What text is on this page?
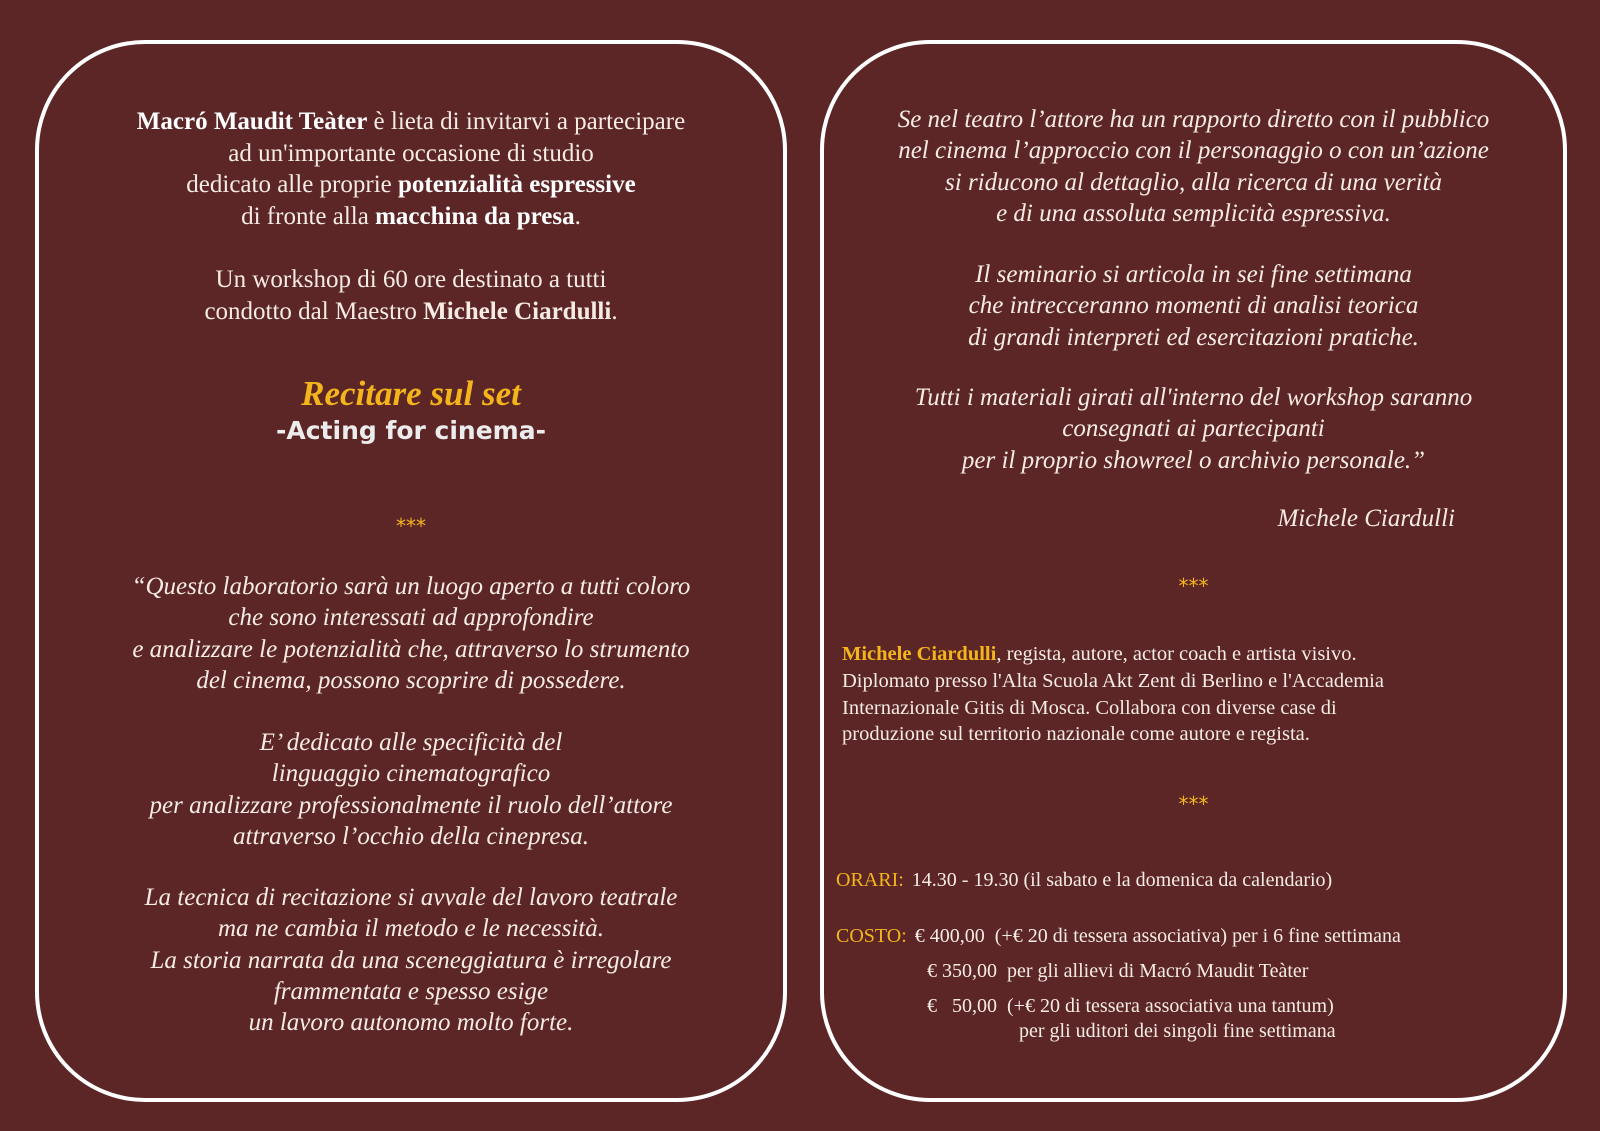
Macró Maudit Teàter è lieta di invitarvi a partecipare

ad un'importante occasione di studio

dedicato alle proprie potenzialità espressive

di fronte alla macchina da presa.

Un workshop di 60 ore destinato a tutti

condotto dal Maestro Michele Ciardulli.

Recitare sul set
-Acting for cinema-
***

“Questo laboratorio sarà un luogo aperto a tutti coloro

che sono interessati ad approfondire

e analizzare le potenzialità che, attraverso lo strumento

del cinema, possono scoprire di possedere.

E’ dedicato alle specificità del

linguaggio cinematografico

per analizzare professionalmente il ruolo dell’attore

attraverso l’occhio della cinepresa.

La tecnica di recitazione si avvale del lavoro teatrale

ma ne cambia il metodo e le necessità.

La storia narrata da una sceneggiatura è irregolare

frammentata e spesso esige

un lavoro autonomo molto forte.

Se nel teatro l’attore ha un rapporto diretto con il pubblico

nel cinema l’approccio con il personaggio o con un’azione

si riducono al dettaglio, alla ricerca di una verità

e di una assoluta semplicità espressiva.

Il seminario si articola in sei fine settimana

che intrecceranno momenti di analisi teorica

di grandi interpreti ed esercitazioni pratiche.

Tutti i materiali girati all'interno del workshop saranno

consegnati ai partecipanti

per il proprio showreel o archivio personale.”

Michele Ciardulli
***
Michele Ciardulli, regista, autore, actor coach e artista visivo.
Diplomato presso l'Alta Scuola Akt Zent di Berlino e l'Accademia
Internazionale Gitis di Mosca. Collabora con diverse case di
produzione sul territorio nazionale come autore e regista.
***
ORARI: 14.30 - 19.30 (il sabato e la domenica da calendario)
COSTO: € 400,00  (+€ 20 di tessera associativa) per i 6 fine settimana
€ 350,00  per gli allievi di Macró Maudit Teàter
€   50,00  (+€ 20 di tessera associativa una tantum)
per gli uditori dei singoli fine settimana
